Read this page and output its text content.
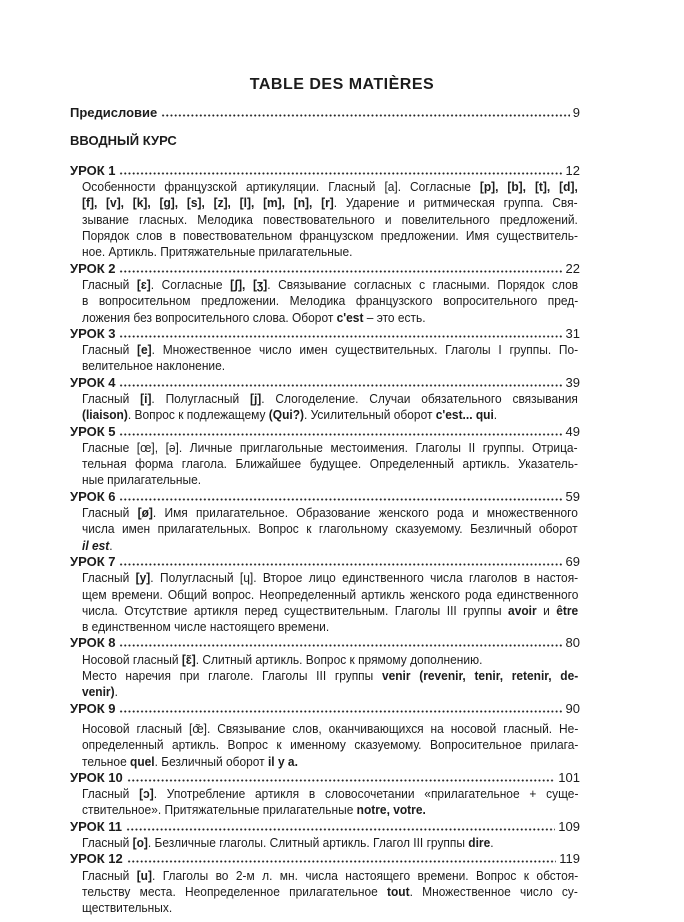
TABLE DES MATIÈRES
Предисловие	9
ВВОДНЫЙ КУРС
УРОК 1	12
Особенности французской артикуляции. Гласный [a]. Согласные [p], [b], [t], [d],
[f], [v], [k], [g], [s], [z], [l], [m], [n], [r]. Ударение и ритмическая группа. Свя-
зывание гласных. Мелодика повествовательного и повелительного предложений.
Порядок слов в повествовательном французском предложении. Имя существитель-
ное. Артикль. Притяжательные прилагательные.
УРОК 2	22
Гласный [ɛ]. Согласные [ʃ], [ʒ]. Связывание согласных с гласными. Порядок слов
в вопросительном предложении. Мелодика французского вопросительного пред-
ложения без вопросительного слова. Оборот c'est – это есть.
УРОК 3	31
Гласный [e]. Множественное число имен существительных. Глаголы I группы. По-
велительное наклонение.
УРОК 4	39
Гласный [i]. Полугласный [j]. Слогоделение. Случаи обязательного связывания
(liaison). Вопрос к подлежащему (Qui?). Усилительный оборот c'est... qui.
УРОК 5	49
Гласные [œ], [ə]. Личные приглагольные местоимения. Глаголы II группы. Отрица-
тельная форма глагола. Ближайшее будущее. Определенный артикль. Указатель-
ные прилагательные.
УРОК 6	59
Гласный [ø]. Имя прилагательное. Образование женского рода и множественного
числа имен прилагательных. Вопрос к глагольному сказуемому. Безличный оборот
il est.
УРОК 7	69
Гласный [y]. Полугласный [ɥ]. Второе лицо единственного числа глаголов в настоя-
щем времени. Общий вопрос. Неопределенный артикль женского рода единственного
числа. Отсутствие артикля перед существительным. Глаголы III группы avoir и être
в единственном числе настоящего времени.
УРОК 8	80
Носовой гласный [ɛ̃]. Слитный артикль. Вопрос к прямому дополнению.
Место наречия при глаголе. Глаголы III группы venir (revenir, tenir, retenir, de-
venir).
УРОК 9	90
Носовой гласный [œ̃]. Связывание слов, оканчивающихся на носовой гласный. Не-
определенный артикль. Вопрос к именному сказуемому. Вопросительное прилага-
тельное quel. Безличный оборот il y a.
УРОК 10	101
Гласный [ɔ]. Употребление артикля в словосочетании «прилагательное + суще-
ствительное». Притяжательные прилагательные notre, votre.
УРОК 11	109
Гласный [o]. Безличные глаголы. Слитный артикль. Глагол III группы dire.
УРОК 12	119
Гласный [u]. Глаголы во 2-м л. мн. числа настоящего времени. Вопрос к обстоя-
тельству места. Неопределенное прилагательное tout. Множественное число су-
ществительных.
